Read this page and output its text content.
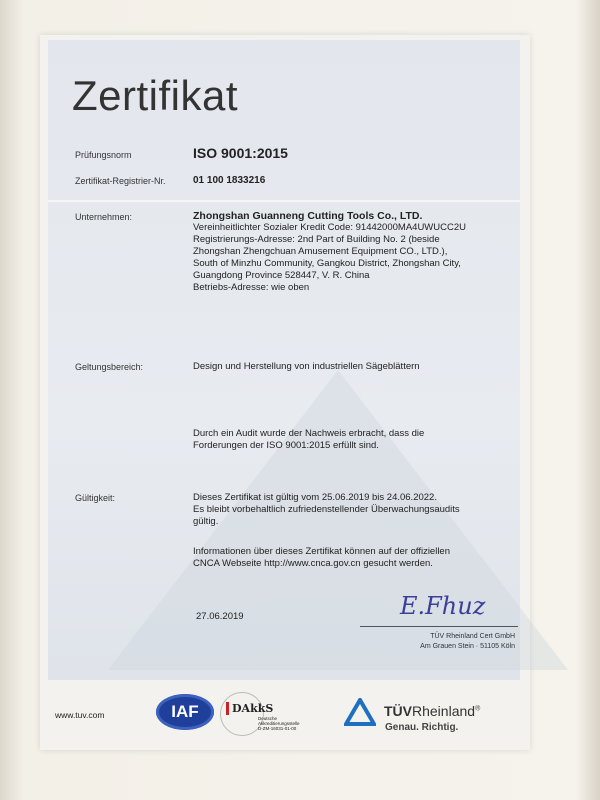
Zertifikat
Prüfungsnorm	ISO 9001:2015
Zertifikat-Registrier-Nr.	01 100 1833216
Unternehmen:	Zhongshan Guanneng Cutting Tools Co., LTD.
Vereinheitlichter Sozialer Kredit Code: 91442000MA4UWUCC2U
Registrierungs-Adresse: 2nd Part of Building No. 2 (beside
Zhongshan Zhengchuan Amusement Equipment CO., LTD.),
South of Minzhu Community, Gangkou District, Zhongshan City,
Guangdong Province 528447, V. R. China
Betriebs-Adresse: wie oben
Geltungsbereich:	Design und Herstellung von industriellen Sägeblättern
Durch ein Audit wurde der Nachweis erbracht, dass die
Forderungen der ISO 9001:2015 erfüllt sind.
Gültigkeit:	Dieses Zertifikat ist gültig vom 25.06.2019 bis 24.06.2022.
Es bleibt vorbehaltlich zufriedenstellender Überwachungsaudits
gültig.
Informationen über dieses Zertifikat können auf der offiziellen
CNCA Webseite http://www.cnca.gov.cn gesucht werden.
27.06.2019	E.Fhuz
TÜV Rheinland Cert GmbH
Am Grauen Stein · 51105 Köln
www.tuv.com	IAF	DAkkS
Deutsche
Akkreditierungsstelle
D-ZM-16031-01-00
TÜVRheinland®
Genau. Richtig.
